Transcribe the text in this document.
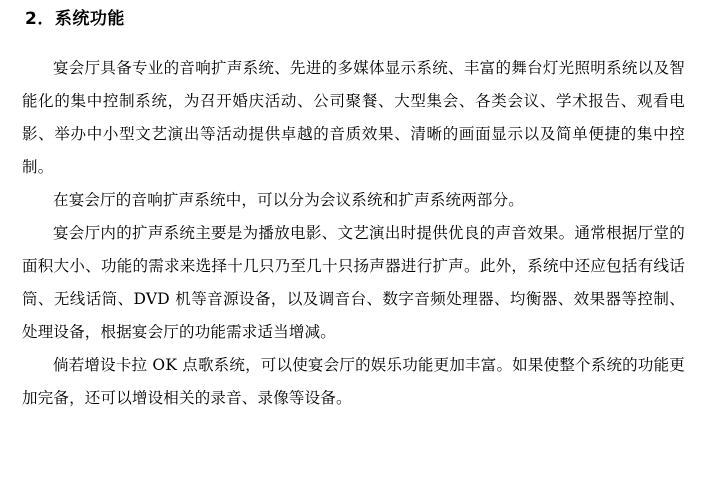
2．系统功能

宴会厅具备专业的音响扩声系统、先进的多媒体显示系统、丰富的舞台灯光照明系统以及智能化的集中控制系统，为召开婚庆活动、公司聚餐、大型集会、各类会议、学术报告、观看电影、举办中小型文艺演出等活动提供卓越的音质效果、清晰的画面显示以及简单便捷的集中控制。

在宴会厅的音响扩声系统中，可以分为会议系统和扩声系统两部分。

宴会厅内的扩声系统主要是为播放电影、文艺演出时提供优良的声音效果。通常根据厅堂的面积大小、功能的需求来选择十几只乃至几十只扬声器进行扩声。此外，系统中还应包括有线话筒、无线话筒、DVD 机等音源设备，以及调音台、数字音频处理器、均衡器、效果器等控制、处理设备，根据宴会厅的功能需求适当增减。

倘若增设卡拉 OK 点歌系统，可以使宴会厅的娱乐功能更加丰富。如果使整个系统的功能更加完备，还可以增设相关的录音、录像等设备。
